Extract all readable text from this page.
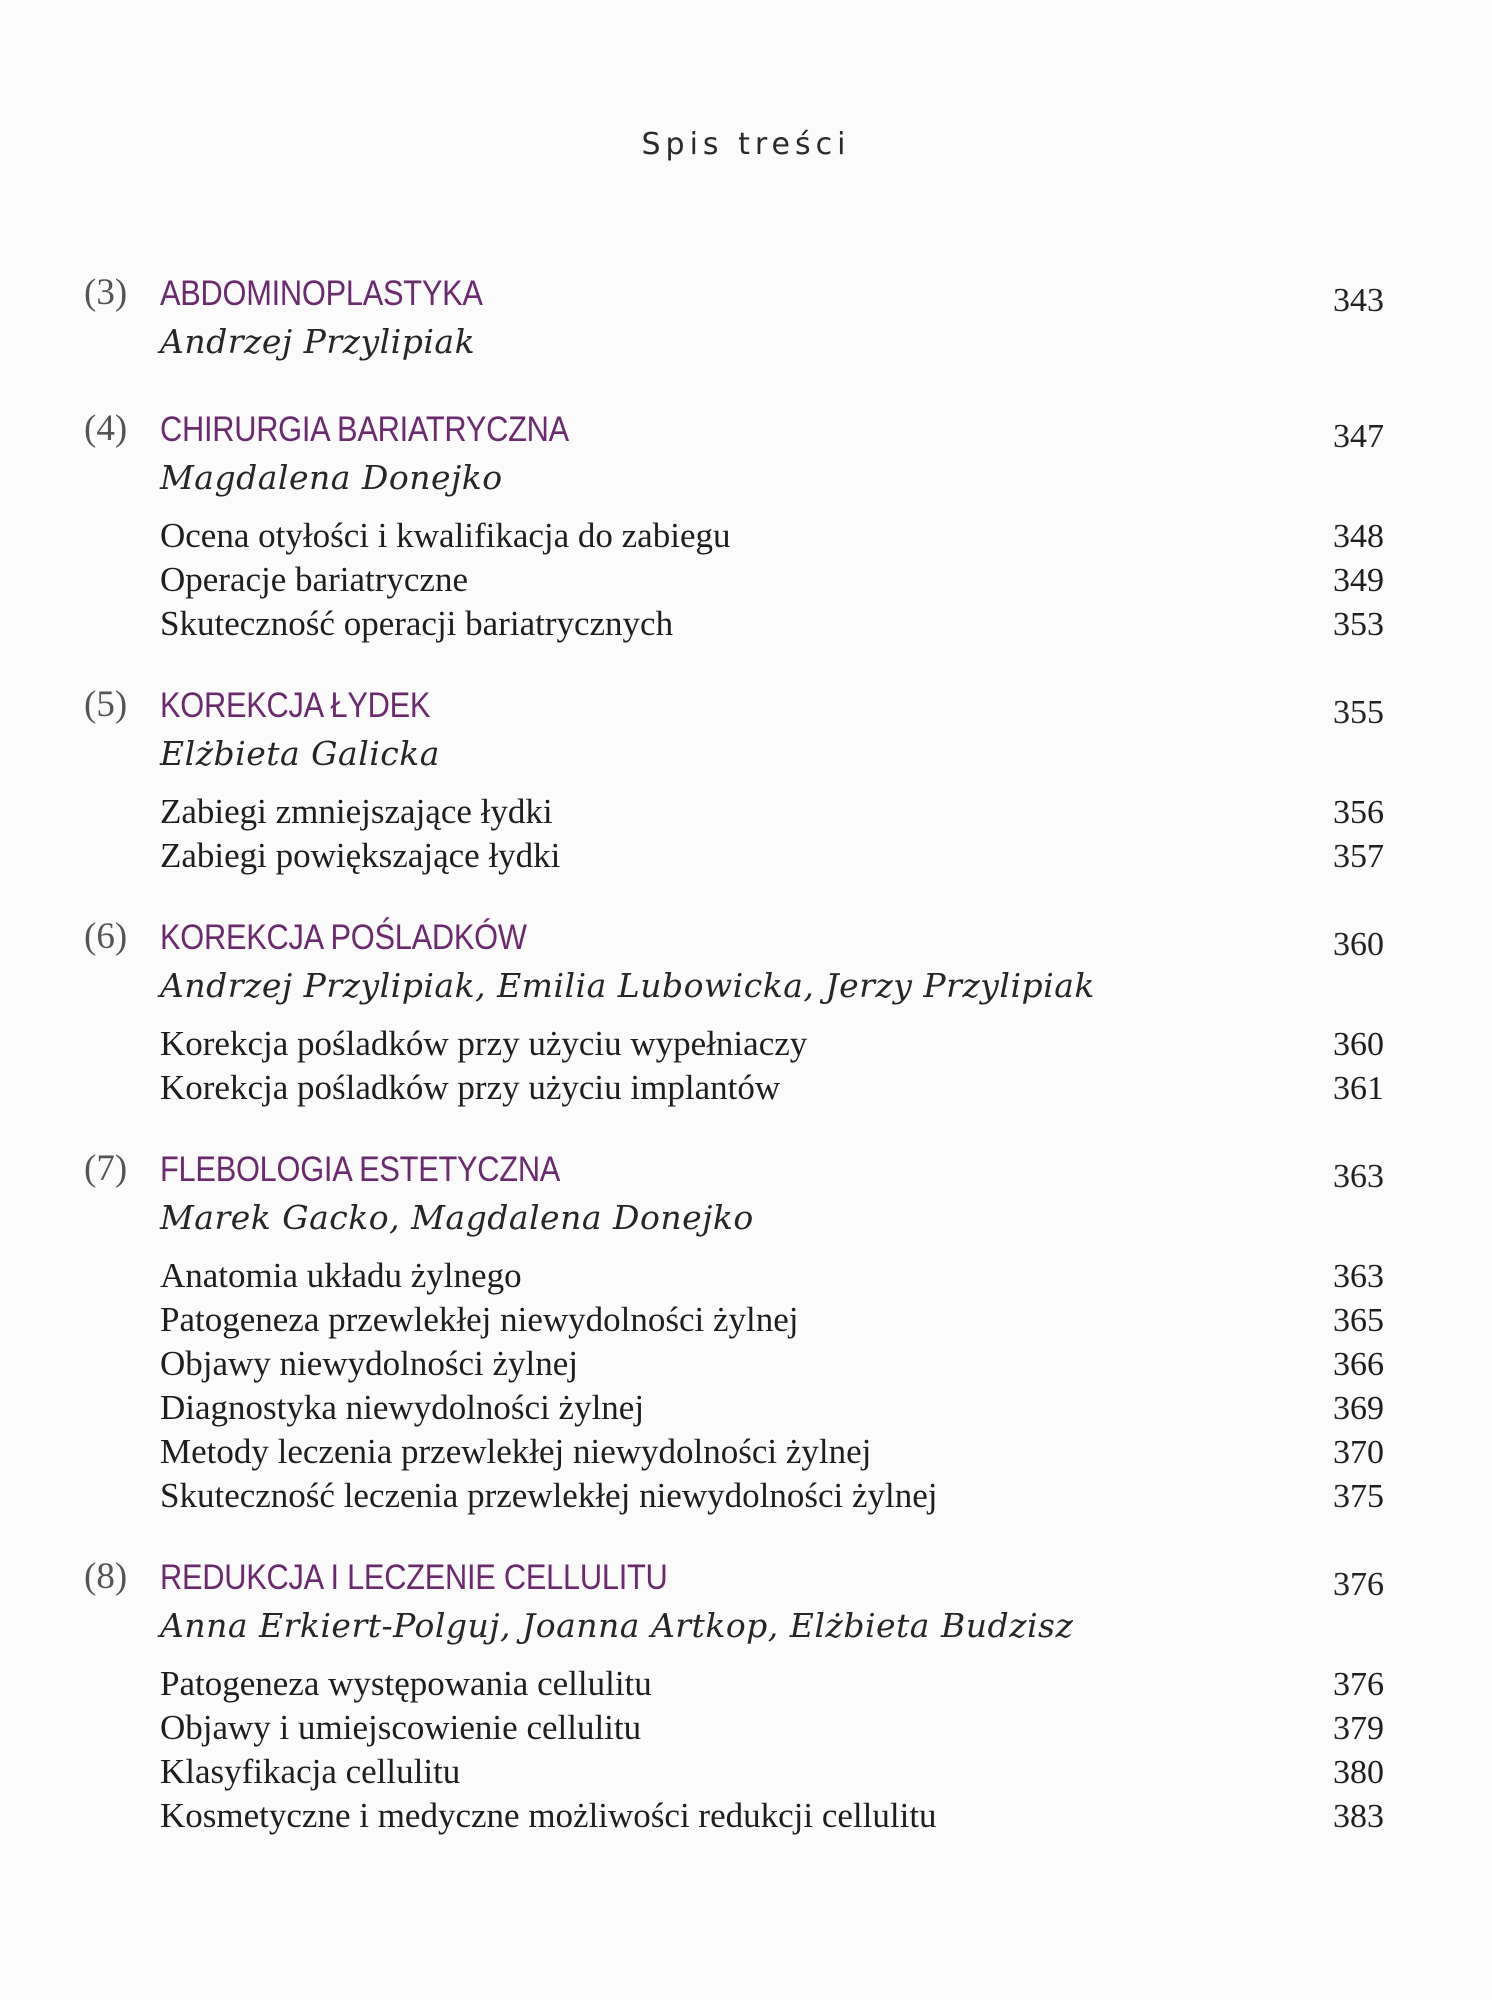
Spis treści
(3) ABDOMINOPLASTYKA	343
Andrzej Przylipiak
(4) CHIRURGIA BARIATRYCZNA	347
Magdalena Donejko
Ocena otyłości i kwalifikacja do zabiegu	348
Operacje bariatryczne	349
Skuteczność operacji bariatrycznych	353
(5) KOREKCJA ŁYDEK	355
Elżbieta Galicka
Zabiegi zmniejszające łydki	356
Zabiegi powiększające łydki	357
(6) KOREKCJA POŚLADKÓW	360
Andrzej Przylipiak, Emilia Lubowicka, Jerzy Przylipiak
Korekcja pośladków przy użyciu wypełniaczy	360
Korekcja pośladków przy użyciu implantów	361
(7) FLEBOLOGIA ESTETYCZNA	363
Marek Gacko, Magdalena Donejko
Anatomia układu żylnego	363
Patogeneza przewlekłej niewydolności żylnej	365
Objawy niewydolności żylnej	366
Diagnostyka niewydolności żylnej	369
Metody leczenia przewlekłej niewydolności żylnej	370
Skuteczność leczenia przewlekłej niewydolności żylnej	375
(8) REDUKCJA I LECZENIE CELLULITU	376
Anna Erkiert-Polguj, Joanna Artkop, Elżbieta Budzisz
Patogeneza występowania cellulitu	376
Objawy i umiejscowienie cellulitu	379
Klasyfikacja cellulitu	380
Kosmetyczne i medyczne możliwości redukcji cellulitu	383
